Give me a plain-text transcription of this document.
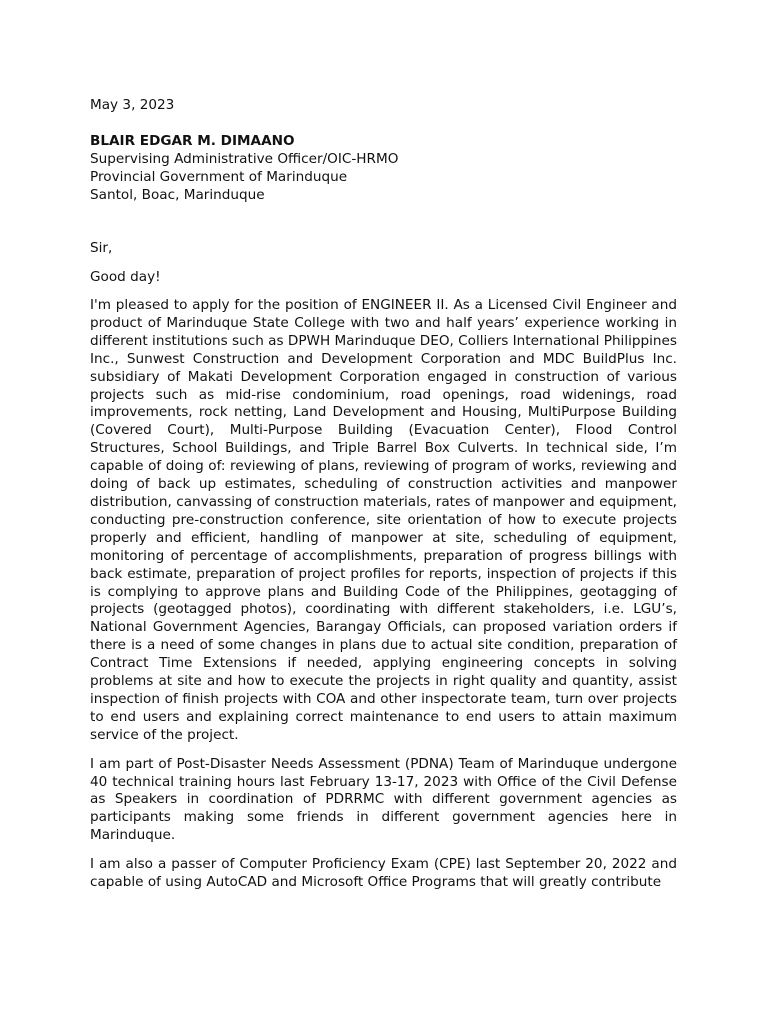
May 3, 2023
BLAIR EDGAR M. DIMAANO
Supervising Administrative Officer/OIC-HRMO
Provincial Government of Marinduque
Santol, Boac, Marinduque
Sir,
Good day!

I'm pleased to apply for the position of ENGINEER II. As a Licensed Civil Engineer and product of Marinduque State College with two and half years’ experience working in different institutions such as DPWH Marinduque DEO, Colliers International Philippines Inc., Sunwest Construction and Development Corporation and MDC BuildPlus Inc. subsidiary of Makati Development Corporation engaged in construction of various projects such as mid-rise condominium, road openings, road widenings, road improvements, rock netting, Land Development and Housing, MultiPurpose Building (Covered Court), Multi-Purpose Building (Evacuation Center), Flood Control Structures, School Buildings, and Triple Barrel Box Culverts. In technical side, I’m capable of doing of: reviewing of plans, reviewing of program of works, reviewing and doing of back up estimates, scheduling of construction activities and manpower distribution, canvassing of construction materials, rates of manpower and equipment, conducting pre-construction conference, site orientation of how to execute projects properly and efficient, handling of manpower at site, scheduling of equipment, monitoring of percentage of accomplishments, preparation of progress billings with back estimate, preparation of project profiles for reports, inspection of projects if this is complying to approve plans and Building Code of the Philippines, geotagging of projects (geotagged photos), coordinating with different stakeholders, i.e. LGU’s, National Government Agencies, Barangay Officials, can proposed variation orders if there is a need of some changes in plans due to actual site condition, preparation of Contract Time Extensions if needed, applying engineering concepts in solving problems at site and how to execute the projects in right quality and quantity, assist inspection of finish projects with COA and other inspectorate team, turn over projects to end users and explaining correct maintenance to end users to attain maximum service of the project.

I am part of Post-Disaster Needs Assessment (PDNA) Team of Marinduque undergone 40 technical training hours last February 13-17, 2023 with Office of the Civil Defense as Speakers in coordination of PDRRMC with different government agencies as participants making some friends in different government agencies here in Marinduque.

I am also a passer of Computer Proficiency Exam (CPE) last September 20, 2022 and capable of using AutoCAD and Microsoft Office Programs that will greatly contribute
